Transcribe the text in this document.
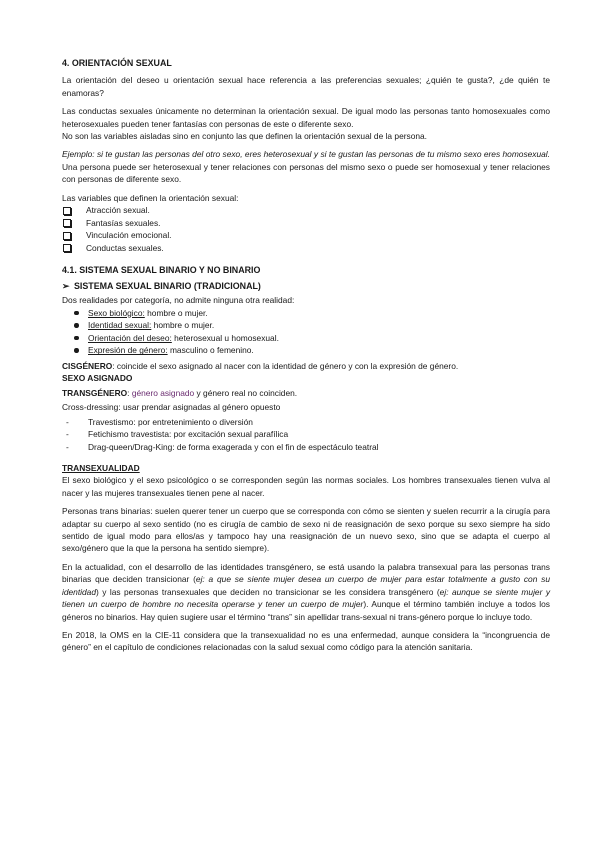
4. ORIENTACIÓN SEXUAL

La orientación del deseo u orientación sexual hace referencia a las preferencias sexuales; ¿quién te gusta?, ¿de quién te enamoras?

Las conductas sexuales únicamente no determinan la orientación sexual. De igual modo las personas tanto homosexuales como heterosexuales pueden tener fantasías con personas de este o diferente sexo.

No son las variables aisladas sino en conjunto las que definen la orientación sexual de la persona.

Ejemplo: si te gustan las personas del otro sexo, eres heterosexual y si te gustan las personas de tu mismo sexo eres homosexual. Una persona puede ser heterosexual y tener relaciones con personas del mismo sexo o puede ser homosexual y tener relaciones con personas de diferente sexo.

Las variables que definen la orientación sexual:

Atracción sexual.
Fantasías sexuales.
Vinculación emocional.
Conductas sexuales.

4.1. SISTEMA SEXUAL BINARIO Y NO BINARIO

➢ SISTEMA SEXUAL BINARIO (TRADICIONAL)

Dos realidades por categoría, no admite ninguna otra realidad:

Sexo biológico: hombre o mujer.
Identidad sexual: hombre o mujer.
Orientación del deseo: heterosexual u homosexual.
Expresión de género: masculino o femenino.

CISGÉNERO: coincide el sexo asignado al nacer con la identidad de género y con la expresión de género.

SEXO ASIGNADO

TRANSGÉNERO: género asignado y género real no coinciden.

Cross-dressing: usar prendar asignadas al género opuesto

- Travestismo: por entretenimiento o diversión
- Fetichismo travestista: por excitación sexual parafílica
- Drag-queen/Drag-King: de forma exagerada y con el fin de espectáculo teatral

TRANSEXUALIDAD

El sexo biológico y el sexo psicológico o se corresponden según las normas sociales. Los hombres transexuales tienen vulva al nacer y las mujeres transexuales tienen pene al nacer.

Personas trans binarias: suelen querer tener un cuerpo que se corresponda con cómo se sienten y suelen recurrir a la cirugía para adaptar su cuerpo al sexo sentido (no es cirugía de cambio de sexo ni de reasignación de sexo porque su sexo siempre ha sido sentido de igual modo para ellos/as y tampoco hay una reasignación de un nuevo sexo, sino que se adapta el cuerpo al sexo/género que la que la persona ha sentido siempre).

En la actualidad, con el desarrollo de las identidades transgénero, se está usando la palabra transexual para las personas trans binarias que deciden transicionar (ej: a que se siente mujer desea un cuerpo de mujer para estar totalmente a gusto con su identidad) y las personas transexuales que deciden no transicionar se les considera transgénero (ej: aunque se siente mujer y tienen un cuerpo de hombre no necesita operarse y tener un cuerpo de mujer). Aunque el término también incluye a todos los géneros no binarios. Hay quien sugiere usar el término “trans” sin apellidar trans-sexual ni trans-género porque lo incluye todo.

En 2018, la OMS en la CIE-11 considera que la transexualidad no es una enfermedad, aunque considera la “incongruencia de género” en el capítulo de condiciones relacionadas con la salud sexual como código para la atención sanitaria.
